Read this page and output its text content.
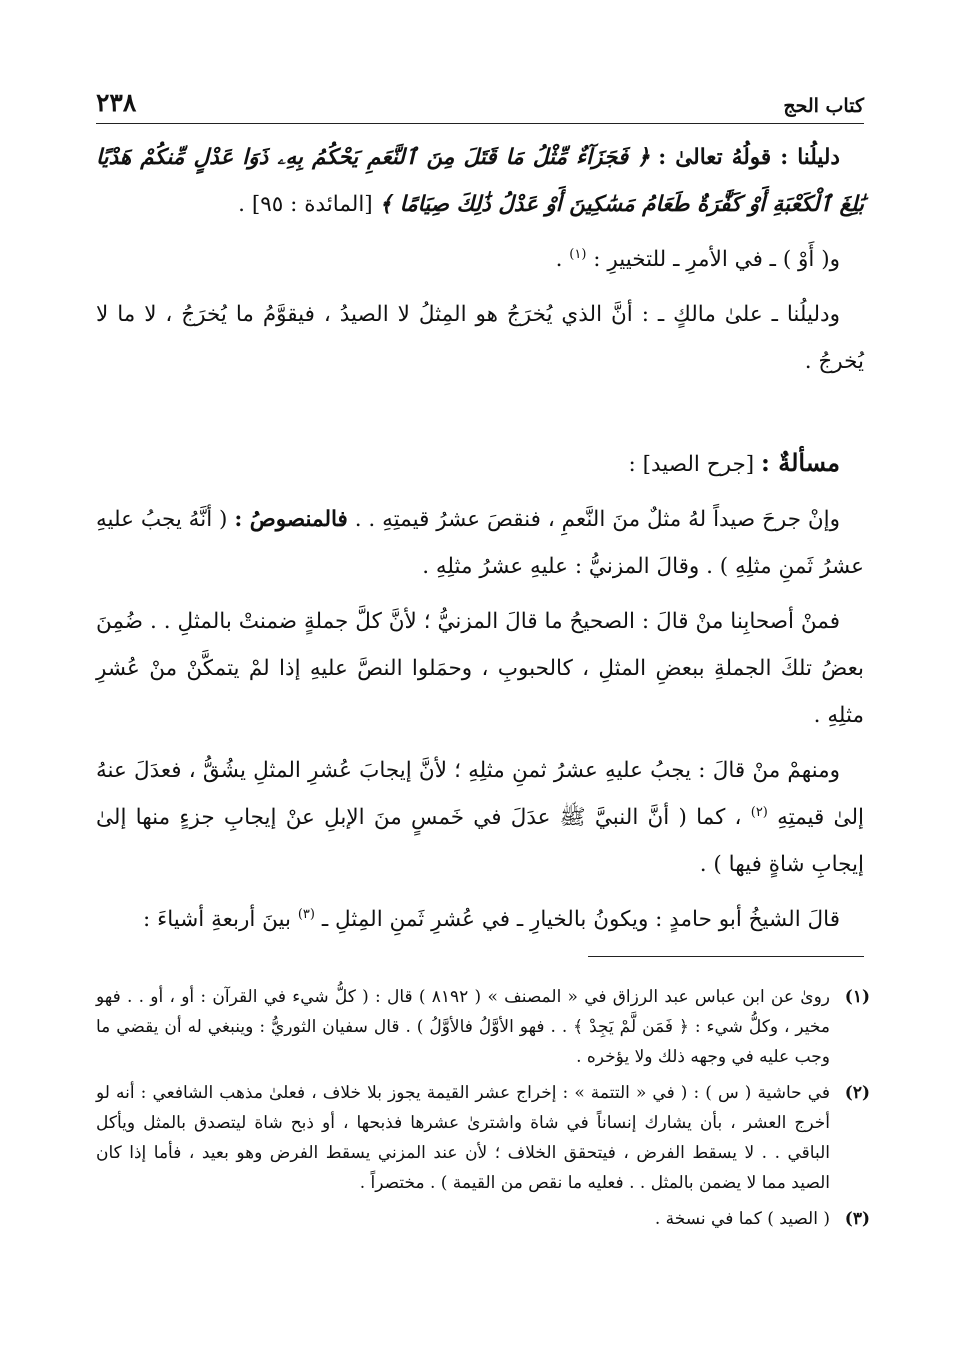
كتاب الحج
٢٣٨

دليلُنا : قولُهُ تعالىٰ : ﴿ فَجَزَآءٌ مِّثْلُ مَا قَتَلَ مِنَ ٱلنَّعَمِ يَحْكُمُ بِهِۦ ذَوَا عَدْلٍ مِّنكُمْ هَدْيًا بَٰلِغَ ٱلْكَعْبَةِ أَوْ كَفَّٰرَةٌ طَعَامُ مَسَٰكِينَ أَوْ عَدْلُ ذَٰلِكَ صِيَامًا ﴾ [المائدة : ٩٥] .

و( أَوْ ) ـ في الأمرِ ـ للتخييرِ : $^{(١)}$ .

ودليلُنا ـ علىٰ مالكٍ ـ : أنَّ الذي يُخرَجُ هو المِثلُ لا الصيدُ ، فيقوَّمُ ما يُخرَجُ ، لا ما لا يُخرجُ .

مسألةٌ : [جرح الصيد] :

وإنْ جرحَ صيداً لهُ مثلٌ منَ النَّعمِ ، فنقصَ عشرُ قيمتِهِ . . فالمنصوصُ : ( أنَّهُ يجبُ عليهِ عشرُ ثَمنِ مثلِهِ ) . وقالَ المزنيُّ : عليهِ عشرُ مثلِهِ .

فمنْ أصحابِنا منْ قالَ : الصحيحُ ما قالَ المزنيُّ ؛ لأنَّ كلَّ جملةٍ ضمنتْ بالمثلِ . . ضُمِنَ بعضُ تلكَ الجملةِ ببعضِ المثلِ ، كالحبوبِ ، وحمَلوا النصَّ عليهِ إذا لمْ يتمكَّنْ منْ عُشرِ مثلِهِ .

ومنهمْ منْ قالَ : يجبُ عليهِ عشرُ ثمنِ مثلِهِ ؛ لأنَّ إيجابَ عُشرِ المثلِ يشُقُّ ، فعدَلَ عنهُ إلىٰ قيمتِهِ $^{(٢)}$ ، كما ( أنَّ النبيَّ ﷺ عدَلَ في خَمسٍ منَ الإبلِ عنْ إيجابِ جزءٍ منها إلىٰ إيجابِ شاةٍ فيها ) .

قالَ الشيخُ أبو حامدٍ : ويكونُ بالخيارِ ـ في عُشرِ ثَمنِ المِثلِ ـ $^{(٣)}$ بينَ أربعةِ أشياءَ :

(١)
روىٰ عن ابن عباس عبد الرزاق في « المصنف » ( ٨١٩٢ ) قال : ( كلُّ شيء في القرآن : أو ، أو . . فهو مخير ، وكلُّ شيء : ﴿ فَمَن لَّمْ يَجِدْ ﴾ . . فهو الأوَّلُ فالأوَّلُ ) . قال سفيان الثوريُّ : وينبغي له أن يقضي ما وجب عليه في وجهه ذلك ولا يؤخره .
(٢)
في حاشية ( س ) : ( في « التتمة » : إخراج عشر القيمة يجوز بلا خلاف ، فعلىٰ مذهب الشافعي : أنه لو أخرج العشر ، بأن يشارك إنساناً في شاة واشترىٰ عشرها فذبحها ، أو ذبح شاة ليتصدق بالمثل ويأكل الباقي . . لا يسقط الفرض ، فيتحقق الخلاف ؛ لأن عند المزني يسقط الفرض وهو بعيد ، فأما إذا كان الصيد مما لا يضمن بالمثل . . فعليه ما نقص من القيمة ) . مختصراً .
(٣)
( الصيد ) كما في نسخة .
